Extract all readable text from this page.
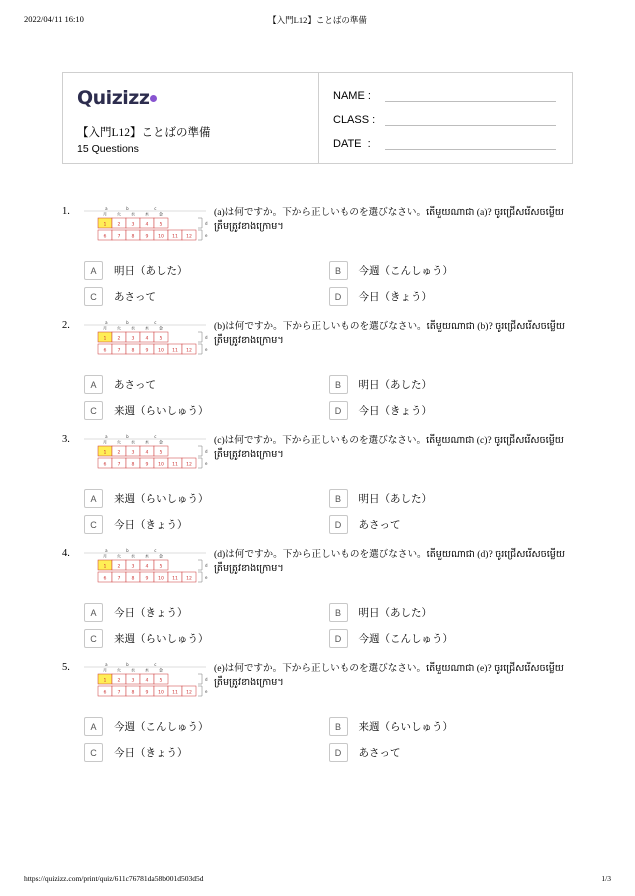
2022/04/11 16:10	【入門L12】ことばの準備
Quizizz
【入門L12】ことばの準備
15 Questions
NAME :
CLASS :
DATE  :
1.	月 火 水 木 金
a	b	c
1 2 3 4 5
6 7 8 9 10 11 12
d
e
(a)は何ですか。下から正しいものを選びなさい。តើមួយណាជា (a)? ចូរជ្រើសរើសចម្លើយត្រឹមត្រូវខាងក្រោម។
A	明日（あした）	B	今週（こんしゅう）
C	あさって	D	今日（きょう）
2.	月 火 水 木 金
a	b	c
1 2 3 4 5
6 7 8 9 10 11 12
d
e
(b)は何ですか。下から正しいものを選びなさい。តើមួយណាជា (b)? ចូរជ្រើសរើសចម្លើយត្រឹមត្រូវខាងក្រោម។
A	あさって	B	明日（あした）
C	来週（らいしゅう）	D	今日（きょう）
3.	月 火 水 木 金
a	b	c
1 2 3 4 5
6 7 8 9 10 11 12
d
e
(c)は何ですか。下から正しいものを選びなさい。តើមួយណាជា (c)? ចូរជ្រើសរើសចម្លើយត្រឹមត្រូវខាងក្រោម។
A	来週（らいしゅう）	B	明日（あした）
C	今日（きょう）	D	あさって
4.	月 火 水 木 金
a	b	c
1 2 3 4 5
6 7 8 9 10 11 12
d
e
(d)は何ですか。下から正しいものを選びなさい。តើមួយណាជា (d)? ចូរជ្រើសរើសចម្លើយត្រឹមត្រូវខាងក្រោម។
A	今日（きょう）	B	明日（あした）
C	来週（らいしゅう）	D	今週（こんしゅう）
5.	月 火 水 木 金
a	b	c
1 2 3 4 5
6 7 8 9 10 11 12
d
e
(e)は何ですか。下から正しいものを選びなさい。តើមួយណាជា (e)? ចូរជ្រើសរើសចម្លើយត្រឹមត្រូវខាងក្រោម។
A	今週（こんしゅう）	B	来週（らいしゅう）
C	今日（きょう）	D	あさって
https://quizizz.com/print/quiz/611c76781da58b001d503d5d	1/3
